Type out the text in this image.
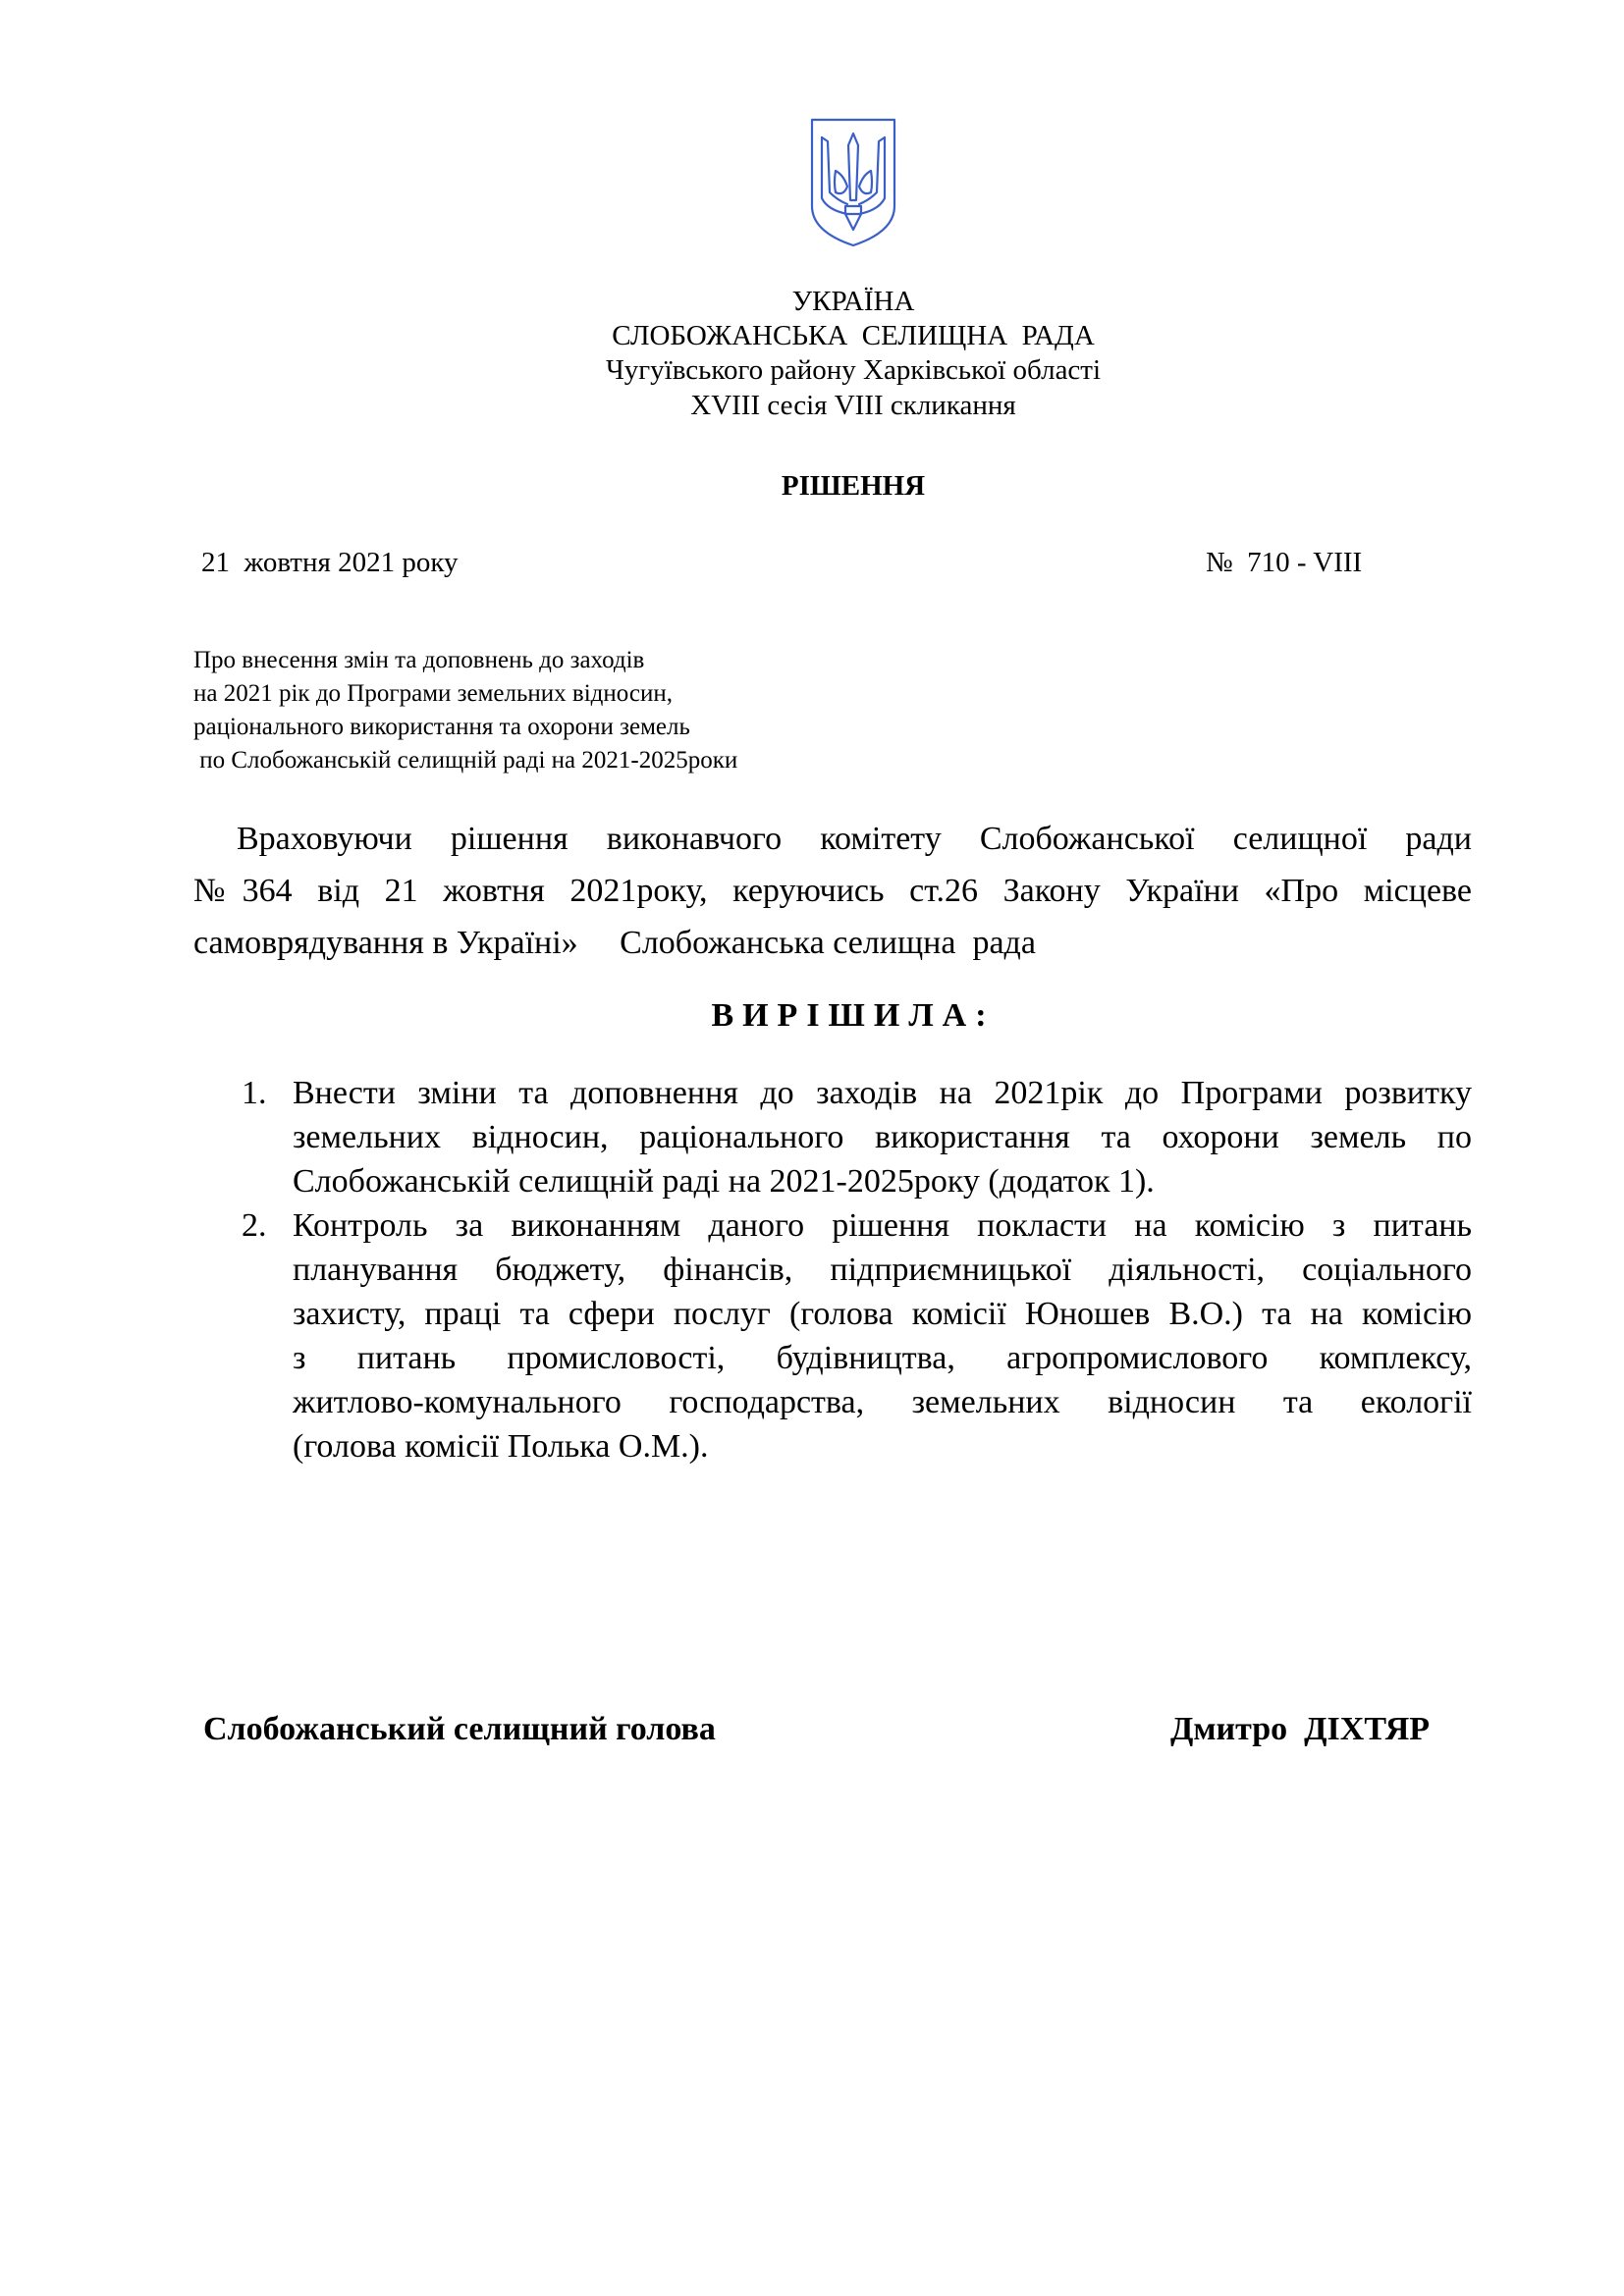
УКРАЇНА
СЛОБОЖАНСЬКА  СЕЛИЩНА  РАДА
Чугуївського району Харківської області
XVIII сесія VIII скликання
РІШЕННЯ
21  жовтня 2021 року	№  710 - VIII
Про внесення змін та доповнень до заходів
на 2021 рік до Програми земельних відносин,
раціонального використання та охорони земель
по Слобожанській селищній раді на 2021-2025роки
Враховуючи рішення виконавчого комітету Слобожанської селищної ради
№364 від 21 жовтня 2021року, керуючись ст.26 Закону України «Про місцеве
самоврядування в Україні»     Слобожанська селищна  рада
ВИРІШИЛА:
1. Внести зміни та доповнення до заходів на 2021рік до Програми розвитку
земельних відносин, раціонального використання та охорони земель по
Слобожанській селищній раді на 2021-2025року (додаток 1).
2. Контроль за виконанням даного рішення покласти на комісію з питань
планування бюджету, фінансів, підприємницької діяльності, соціального
захисту, праці та сфери послуг (голова комісії Юношев В.О.) та на комісію
з питань промисловості, будівництва, агропромислового комплексу,
житлово-комунального господарства, земельних відносин та екології
(голова комісії Полька О.М.).
Слобожанський селищний голова	Дмитро  ДІХТЯР
